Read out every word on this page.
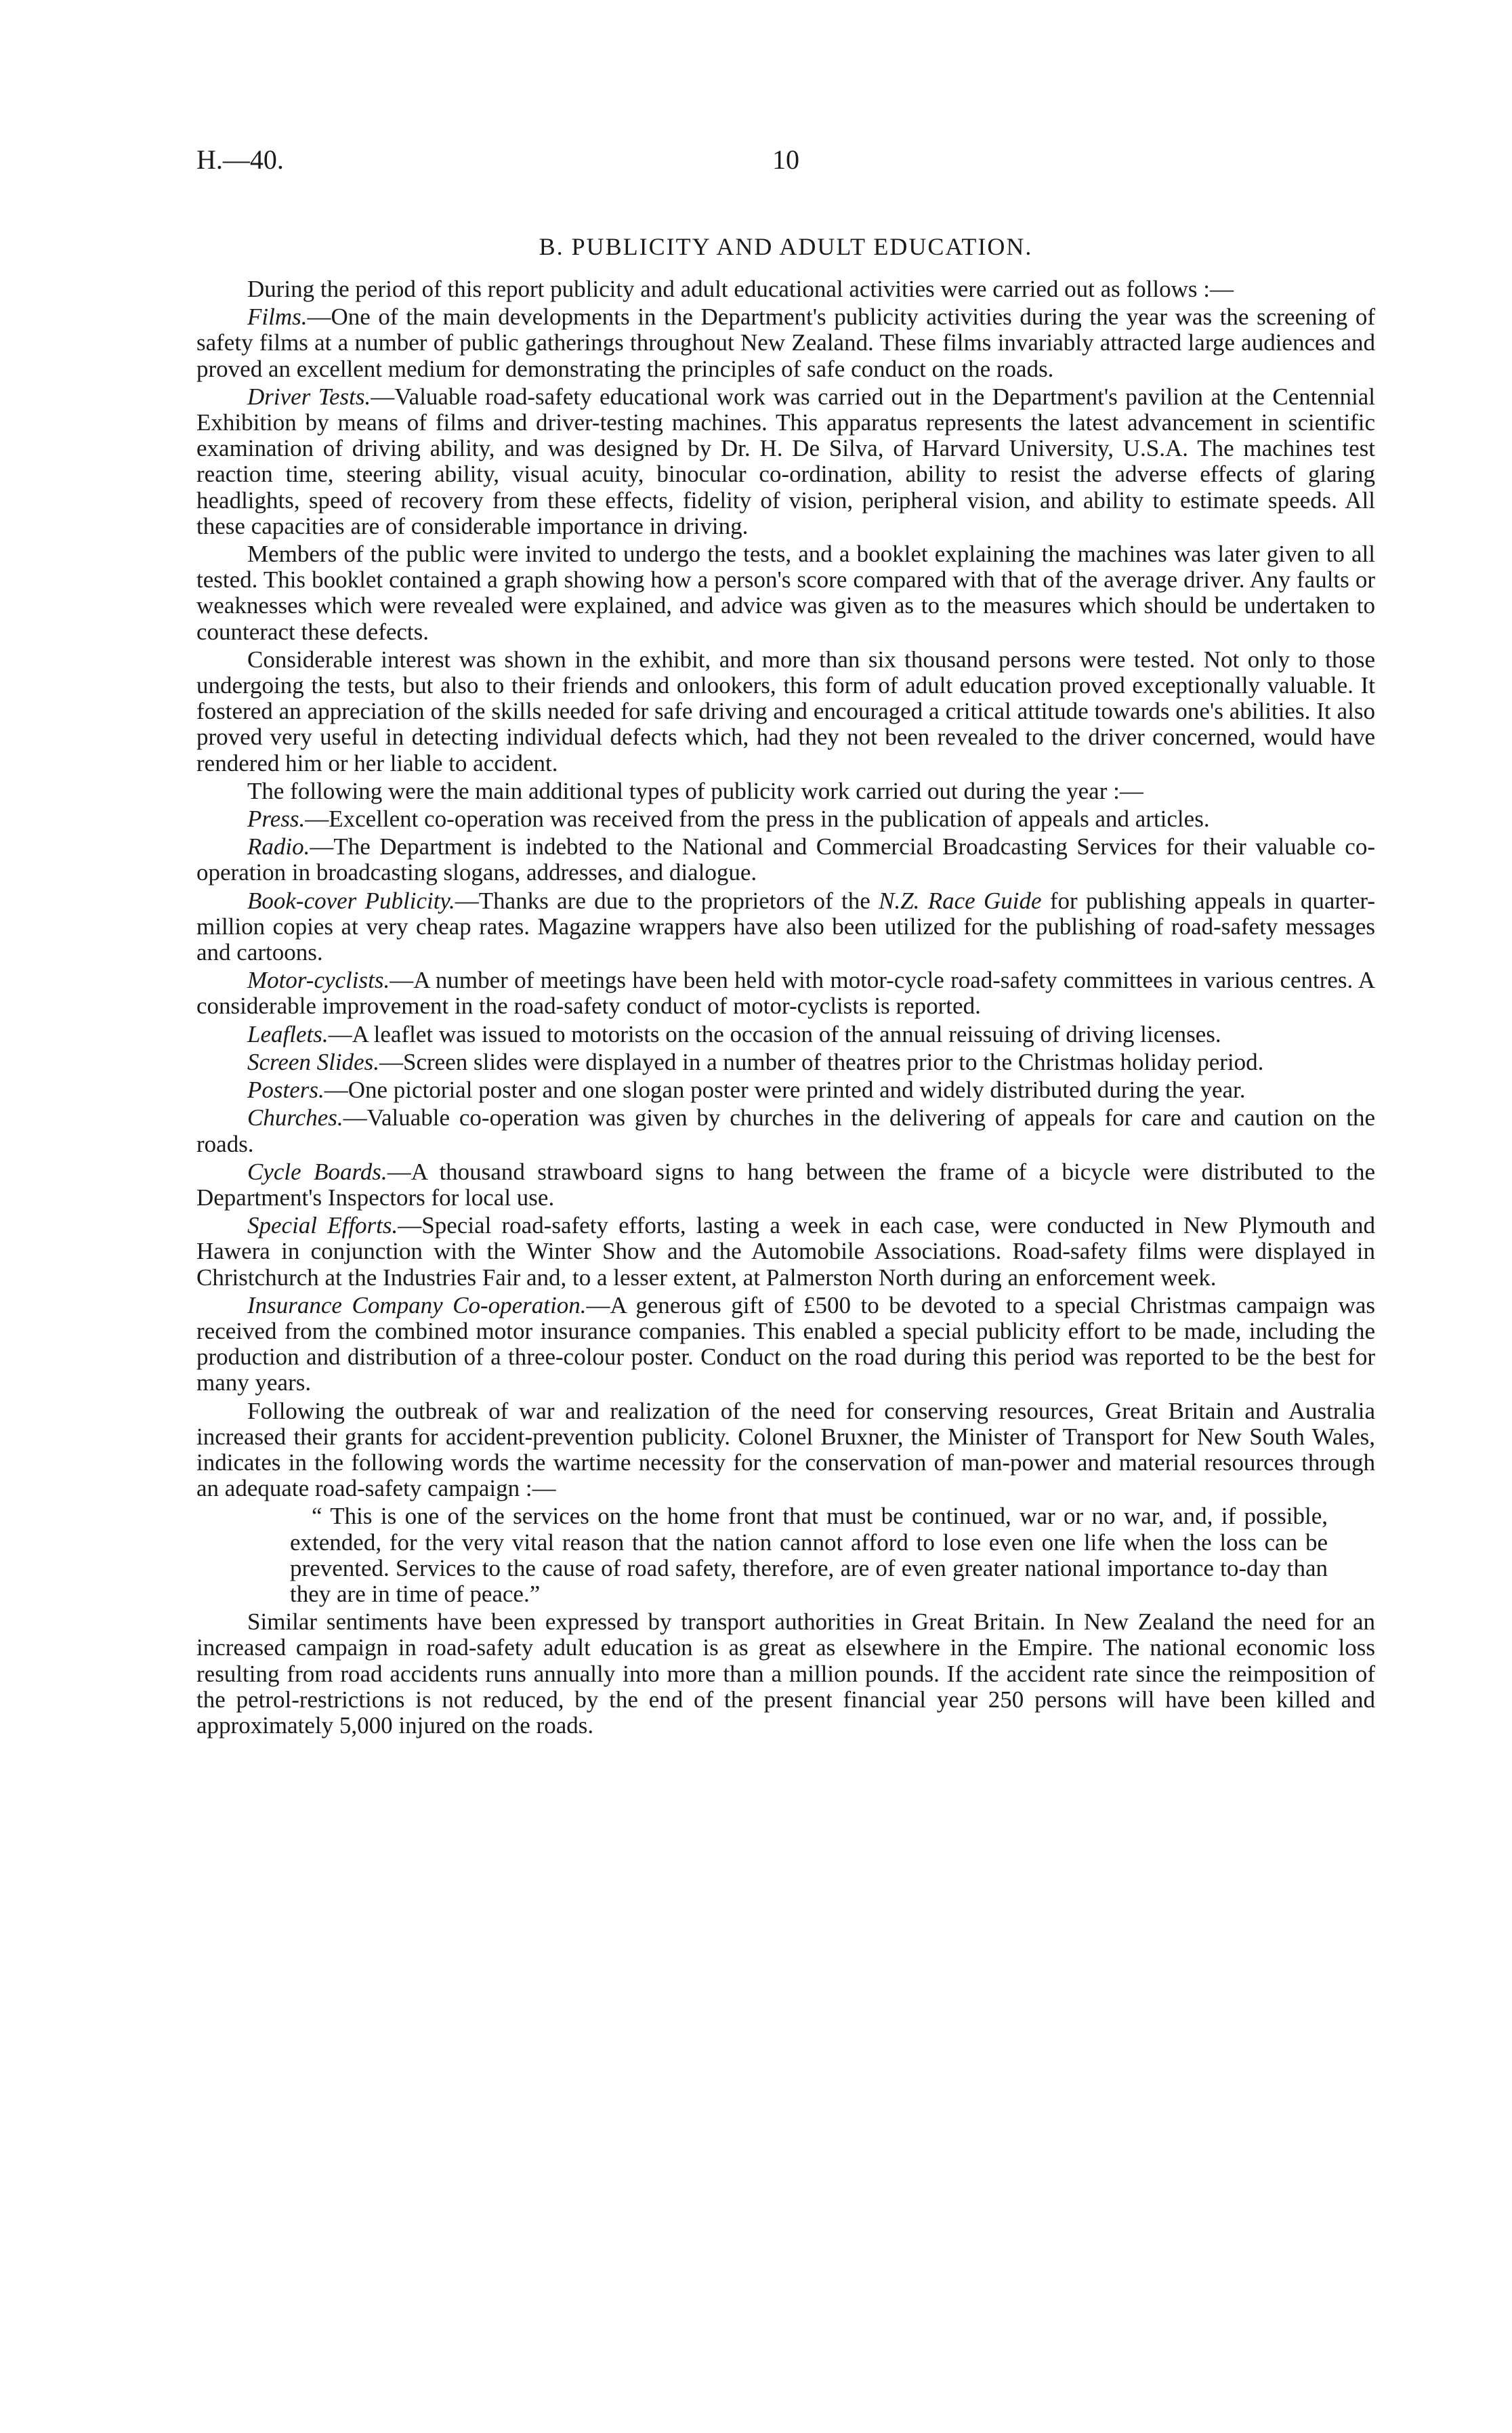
H.—40.	10
B. PUBLICITY AND ADULT EDUCATION.

During the period of this report publicity and adult educational activities were carried out as follows :—

Films.—One of the main developments in the Department's publicity activities during the year was the screening of safety films at a number of public gatherings throughout New Zealand. These films invariably attracted large audiences and proved an excellent medium for demonstrating the principles of safe conduct on the roads.

Driver Tests.—Valuable road-safety educational work was carried out in the Department's pavilion at the Centennial Exhibition by means of films and driver-testing machines. This apparatus represents the latest advancement in scientific examination of driving ability, and was designed by Dr. H. De Silva, of Harvard University, U.S.A. The machines test reaction time, steering ability, visual acuity, binocular co-ordination, ability to resist the adverse effects of glaring headlights, speed of recovery from these effects, fidelity of vision, peripheral vision, and ability to estimate speeds. All these capacities are of considerable importance in driving.

Members of the public were invited to undergo the tests, and a booklet explaining the machines was later given to all tested. This booklet contained a graph showing how a person's score compared with that of the average driver. Any faults or weaknesses which were revealed were explained, and advice was given as to the measures which should be undertaken to counteract these defects.

Considerable interest was shown in the exhibit, and more than six thousand persons were tested. Not only to those undergoing the tests, but also to their friends and onlookers, this form of adult education proved exceptionally valuable. It fostered an appreciation of the skills needed for safe driving and encouraged a critical attitude towards one's abilities. It also proved very useful in detecting individual defects which, had they not been revealed to the driver concerned, would have rendered him or her liable to accident.

The following were the main additional types of publicity work carried out during the year :—

Press.—Excellent co-operation was received from the press in the publication of appeals and articles.

Radio.—The Department is indebted to the National and Commercial Broadcasting Services for their valuable co-operation in broadcasting slogans, addresses, and dialogue.

Book-cover Publicity.—Thanks are due to the proprietors of the N.Z. Race Guide for publishing appeals in quarter-million copies at very cheap rates. Magazine wrappers have also been utilized for the publishing of road-safety messages and cartoons.

Motor-cyclists.—A number of meetings have been held with motor-cycle road-safety committees in various centres. A considerable improvement in the road-safety conduct of motor-cyclists is reported.

Leaflets.—A leaflet was issued to motorists on the occasion of the annual reissuing of driving licenses.

Screen Slides.—Screen slides were displayed in a number of theatres prior to the Christmas holiday period.

Posters.—One pictorial poster and one slogan poster were printed and widely distributed during the year.

Churches.—Valuable co-operation was given by churches in the delivering of appeals for care and caution on the roads.

Cycle Boards.—A thousand strawboard signs to hang between the frame of a bicycle were distributed to the Department's Inspectors for local use.

Special Efforts.—Special road-safety efforts, lasting a week in each case, were conducted in New Plymouth and Hawera in conjunction with the Winter Show and the Automobile Associations. Road-safety films were displayed in Christchurch at the Industries Fair and, to a lesser extent, at Palmerston North during an enforcement week.

Insurance Company Co-operation.—A generous gift of £500 to be devoted to a special Christmas campaign was received from the combined motor insurance companies. This enabled a special publicity effort to be made, including the production and distribution of a three-colour poster. Conduct on the road during this period was reported to be the best for many years.

Following the outbreak of war and realization of the need for conserving resources, Great Britain and Australia increased their grants for accident-prevention publicity. Colonel Bruxner, the Minister of Transport for New South Wales, indicates in the following words the wartime necessity for the conservation of man-power and material resources through an adequate road-safety campaign :—

“ This is one of the services on the home front that must be continued, war or no war, and, if possible, extended, for the very vital reason that the nation cannot afford to lose even one life when the loss can be prevented. Services to the cause of road safety, therefore, are of even greater national importance to-day than they are in time of peace.”

Similar sentiments have been expressed by transport authorities in Great Britain. In New Zealand the need for an increased campaign in road-safety adult education is as great as elsewhere in the Empire. The national economic loss resulting from road accidents runs annually into more than a million pounds. If the accident rate since the reimposition of the petrol-restrictions is not reduced, by the end of the present financial year 250 persons will have been killed and approximately 5,000 injured on the roads.
